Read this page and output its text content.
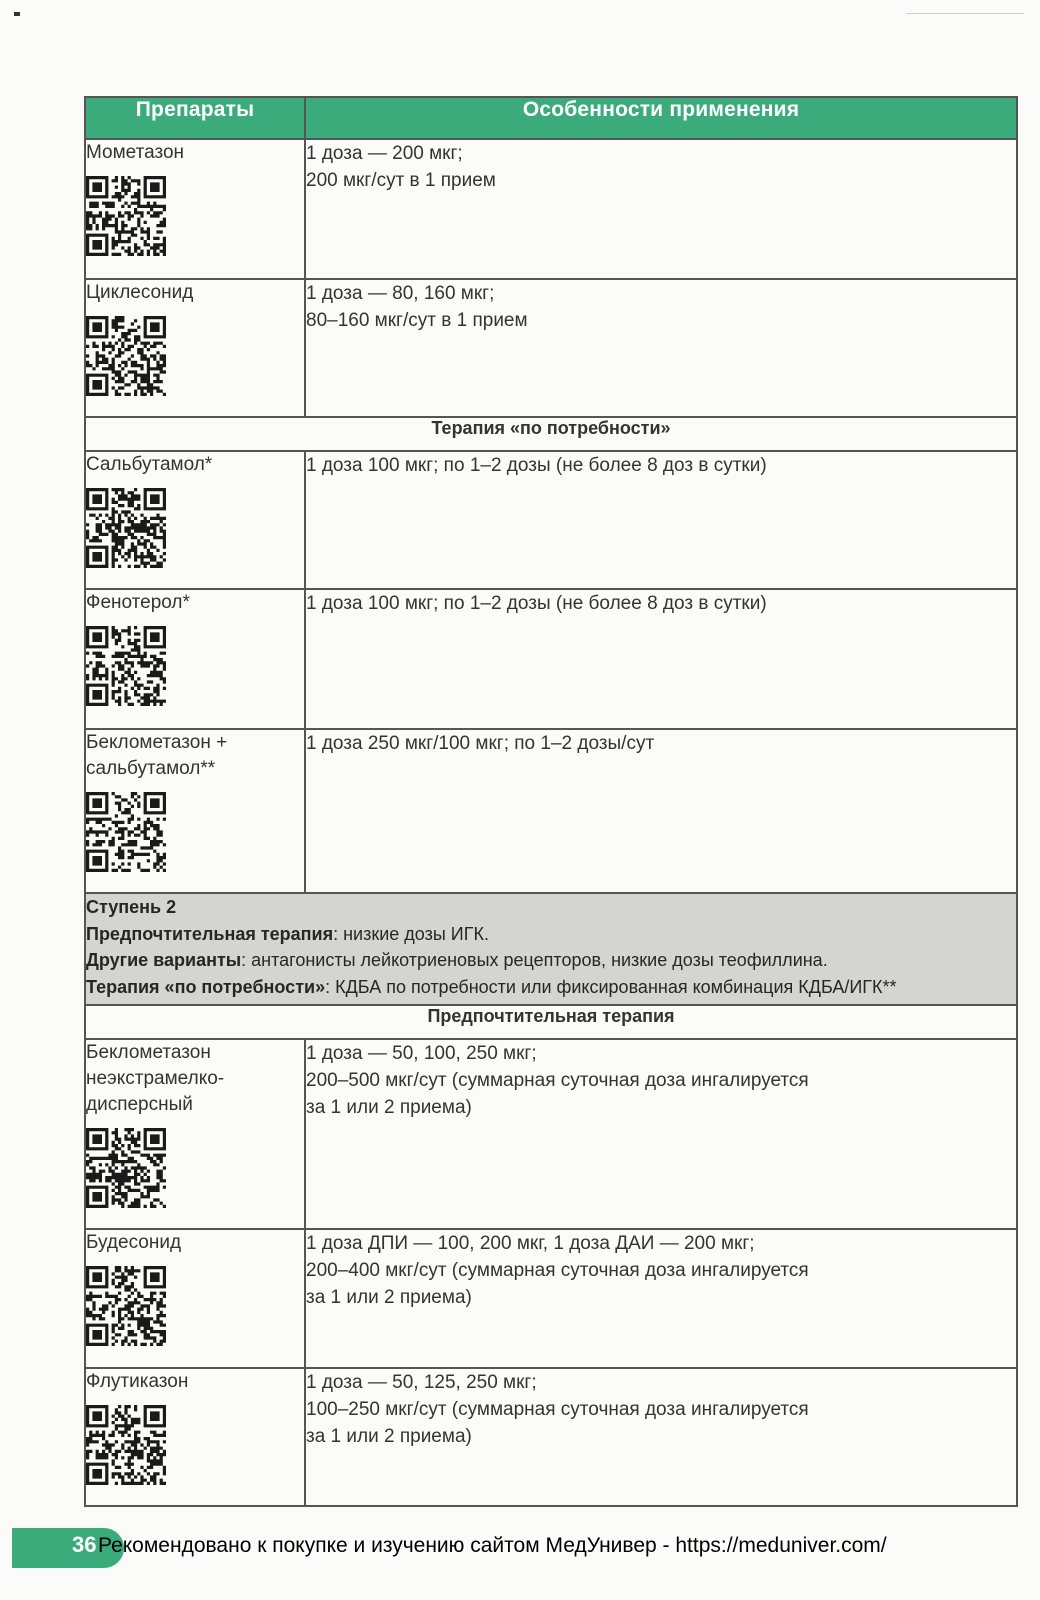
Препараты	Особенности применения

Мометазон	1 доза — 200 мкг;
200 мкг/сут в 1 прием

Циклесонид	1 доза — 80, 160 мкг;
80–160 мкг/сут в 1 прием

Терапия «по потребности»	

Сальбутамол*	1 доза 100 мкг; по 1–2 дозы (не более 8 доз в сутки)

Фенотерол*	1 доза 100 мкг; по 1–2 дозы (не более 8 доз в сутки)

Беклометазон +
сальбутамол**	1 доза 250 мкг/100 мкг; по 1–2 дозы/сут

Ступень 2
Предпочтительная терапия: низкие дозы ИГК.
Другие варианты: антагонисты лейкотриеновых рецепторов, низкие дозы теофиллина.
Терапия «по потребности»: КДБА по потребности или фиксированная комбинация КДБА/ИГК**	

Предпочтительная терапия	

Беклометазон
неэкстрамелко-
дисперсный	1 доза — 50, 100, 250 мкг;
200–500 мкг/сут (суммарная суточная доза ингалируется
за 1 или 2 приема)

Будесонид	1 доза ДПИ — 100, 200 мкг, 1 доза ДАИ — 200 мкг;
200–400 мкг/сут (суммарная суточная доза ингалируется
за 1 или 2 приема)

Флутиказон	1 доза — 50, 125, 250 мкг;
100–250 мкг/сут (суммарная суточная доза ингалируется
за 1 или 2 приема)
36 Рекомендовано к покупке и изучению сайтом МедУнивер - https://meduniver.com/
